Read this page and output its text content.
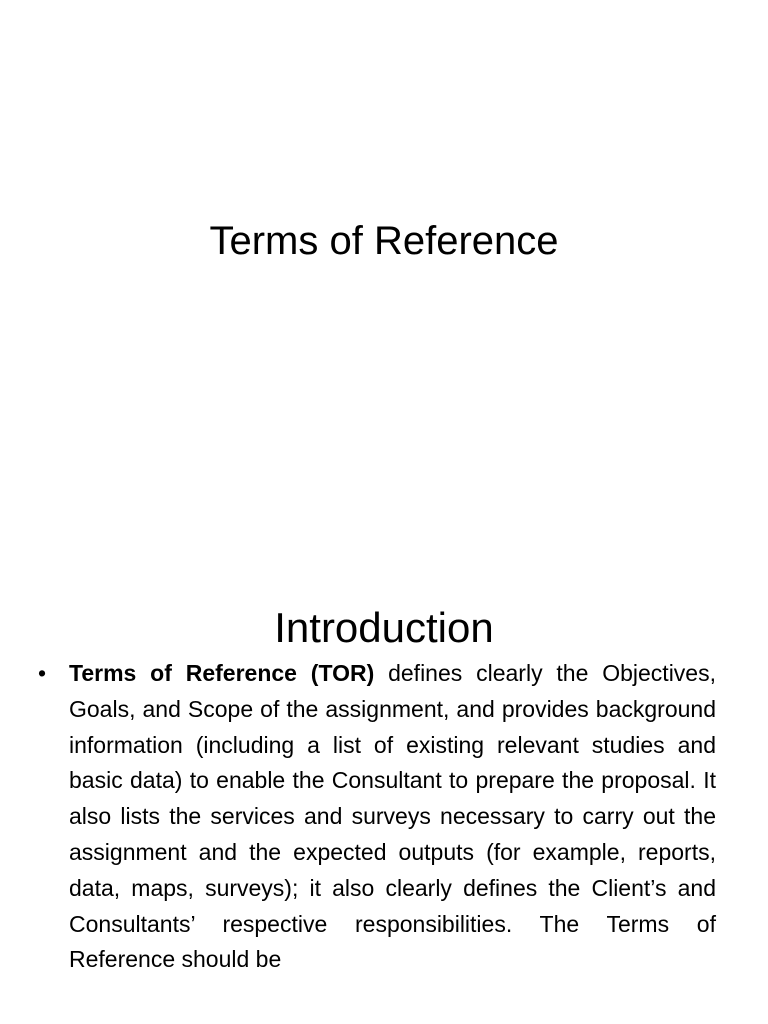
Terms of Reference
Introduction
• Terms of Reference (TOR) defines clearly the Objectives, Goals, and Scope of the assignment, and provides background information (including a list of existing relevant studies and basic data) to enable the Consultant to prepare the proposal. It also lists the services and surveys necessary to carry out the assignment and the expected outputs (for example, reports, data, maps, surveys); it also clearly defines the Client’s and Consultants’ respective responsibilities. The Terms of Reference should be
